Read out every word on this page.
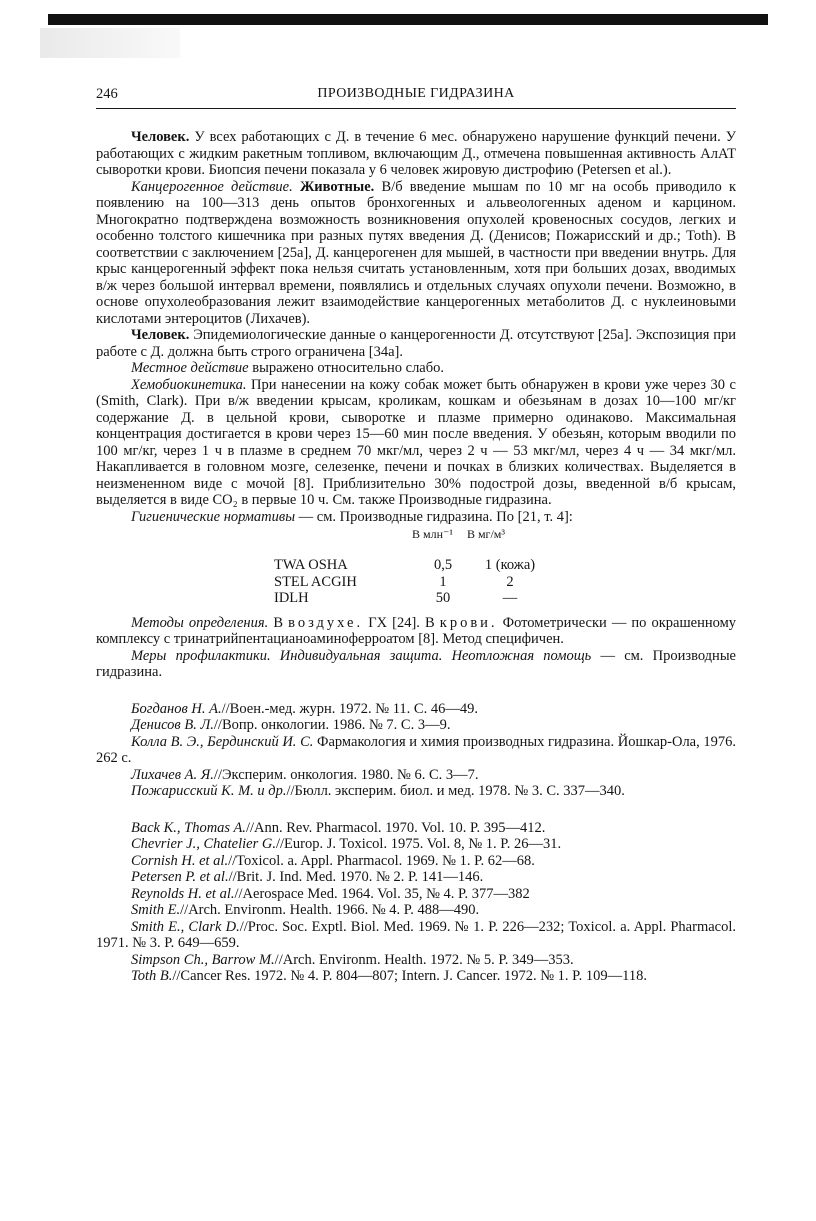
246	ПРОИЗВОДНЫЕ ГИДРАЗИНА

Человек. У всех работающих с Д. в течение 6 мес. обнаружено нарушение функций печени. У работающих с жидким ракетным топливом, включающим Д., отмечена повышенная активность АлАТ сыворотки крови. Биопсия печени показала у 6 человек жировую дистрофию (Petersen et al.).

Канцерогенное действие. Животные. В/б введение мышам по 10 мг на особь приводило к появлению на 100—313 день опытов бронхогенных и альвеологенных аденом и карцином. Многократно подтверждена возможность возникновения опухолей кровеносных сосудов, легких и особенно толстого кишечника при разных путях введения Д. (Денисов; Пожарисский и др.; Toth). В соответствии с заключением [25а], Д. канцерогенен для мышей, в частности при введении внутрь. Для крыс канцерогенный эффект пока нельзя считать установленным, хотя при больших дозах, вводимых в/ж через большой интервал времени, появлялись и отдельных случаях опухоли печени. Возможно, в основе опухолеобразования лежит взаимодействие канцерогенных метаболитов Д. с нуклеиновыми кислотами энтероцитов (Лихачев).

Человек. Эпидемиологические данные о канцерогенности Д. отсутствуют [25а]. Экспозиция при работе с Д. должна быть строго ограничена [34а].

Местное действие выражено относительно слабо.

Хемобиокинетика. При нанесении на кожу собак может быть обнаружен в крови уже через 30 с (Smith, Clark). При в/ж введении крысам, кроликам, кошкам и обезьянам в дозах 10—100 мг/кг содержание Д. в цельной крови, сыворотке и плазме примерно одинаково. Максимальная концентрация достигается в крови через 15—60 мин после введения. У обезьян, которым вводили по 100 мг/кг, через 1 ч в плазме в среднем 70 мкг/мл, через 2 ч — 53 мкг/мл, через 4 ч — 34 мкг/мл. Накапливается в головном мозге, селезенке, печени и почках в близких количествах. Выделяется в неизмененном виде с мочой [8]. Приблизительно 30% подострой дозы, введенной в/б крысам, выделяется в виде CO₂ в первые 10 ч. См. также Производные гидразина.

Гигиенические нормативы — см. Производные гидразина. По [21, т. 4]:

В млн⁻¹ В мг/м³
TWA OSHA	0,5	1 (кожа)
STEL ACGIH	1	2
IDLH	50	—

Методы определения. В воздухе. ГХ [24]. В крови. Фотометрически — по окрашенному комплексу с тринатрийпентацианоаминоферроатом [8]. Метод специфичен.

Меры профилактики. Индивидуальная защита. Неотложная помощь — см. Производные гидразина.

Богданов Н. А.//Воен.-мед. журн. 1972. № 11. С. 46—49.

Денисов В. Л.//Вопр. онкологии. 1986. № 7. С. 3—9.

Колла В. Э., Бердинский И. С. Фармакология и химия производных гидразина. Йошкар-Ола, 1976. 262 с.

Лихачев А. Я.//Эксперим. онкология. 1980. № 6. С. 3—7.

Пожарисский К. М. и др.//Бюлл. эксперим. биол. и мед. 1978. № 3. С. 337—340.

Back K., Thomas A.//Ann. Rev. Pharmacol. 1970. Vol. 10. P. 395—412.

Chevrier J., Chatelier G.//Europ. J. Toxicol. 1975. Vol. 8, № 1. P. 26—31.

Cornish H. et al.//Toxicol. a. Appl. Pharmacol. 1969. № 1. P. 62—68.

Petersen P. et al.//Brit. J. Ind. Med. 1970. № 2. P. 141—146.

Reynolds H. et al.//Aerospace Med. 1964. Vol. 35, № 4. P. 377—382

Smith E.//Arch. Environm. Health. 1966. № 4. P. 488—490.

Smith E., Clark D.//Proc. Soc. Exptl. Biol. Med. 1969. № 1. P. 226—232; Toxicol. a. Appl. Pharmacol. 1971. № 3. P. 649—659.

Simpson Ch., Barrow M.//Arch. Environm. Health. 1972. № 5. P. 349—353.

Toth B.//Cancer Res. 1972. № 4. P. 804—807; Intern. J. Cancer. 1972. № 1. P. 109—118.
